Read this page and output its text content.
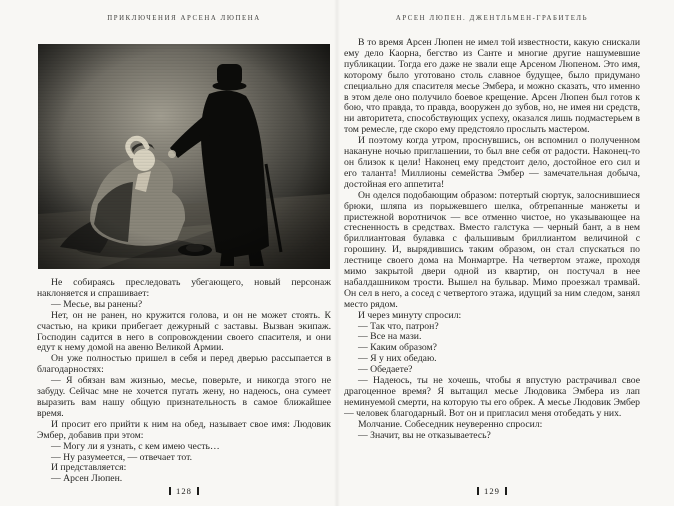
ПРИКЛЮЧЕНИЯ АРСЕНА ЛЮПЕНА

Не собираясь преследовать убегающего, новый персонаж наклоняется и спрашивает:

— Месье, вы ранены?

Нет, он не ранен, но кружится голова, и он не может стоять. К счастью, на крики прибегает дежурный с заставы. Вызван экипаж. Господин садится в него в сопровождении своего спасителя, и они едут к нему домой на авеню Великой Армии.

Он уже полностью пришел в себя и перед дверью рассыпается в благодарностях:

— Я обязан вам жизнью, месье, поверьте, и никогда этого не забуду. Сейчас мне не хочется пугать жену, но надеюсь, она сумеет выразить вам нашу общую признательность в самое ближайшее время.

И просит его прийти к ним на обед, называет свое имя: Людовик Эмбер, добавив при этом:

— Могу ли я узнать, с кем имею честь…

— Ну разумеется, — отвечает тот.

И представляется:

— Арсен Люпен.

128
АРСЕН ЛЮПЕН. ДЖЕНТЛЬМЕН-ГРАБИТЕЛЬ

В то время Арсен Люпен не имел той известности, какую снискали ему дело Каорна, бегство из Санте и многие другие нашумевшие публикации. Тогда его даже не звали еще Арсеном Люпеном. Это имя, которому было уготовано столь славное будущее, было придумано специально для спасителя месье Эмбера, и можно сказать, что именно в этом деле оно получило боевое крещение. Арсен Люпен был готов к бою, что правда, то правда, вооружен до зубов, но, не имея ни средств, ни авторитета, способствующих успеху, оказался лишь подмастерьем в том ремесле, где скоро ему предстояло прослыть мастером.

И поэтому когда утром, проснувшись, он вспомнил о полученном накануне ночью приглашении, то был вне себя от радости. Наконец-то он близок к цели! Наконец ему предстоит дело, достойное его сил и его таланта! Миллионы семейства Эмбер — замечательная добыча, достойная его аппетита!

Он оделся подобающим образом: потертый сюртук, залоснившиеся брюки, шляпа из порыжевшего шелка, обтрепанные манжеты и пристежной воротничок — все отменно чистое, но указывающее на стесненность в средствах. Вместо галстука — черный бант, а в нем бриллиантовая булавка с фальшивым бриллиантом величиной с горошину. И, вырядившись таким образом, он стал спускаться по лестнице своего дома на Монмартре. На четвертом этаже, проходя мимо закрытой двери одной из квартир, он постучал в нее набалдашником трости. Вышел на бульвар. Мимо проезжал трамвай. Он сел в него, а сосед с четвертого этажа, идущий за ним следом, занял место рядом.

И через минуту спросил:

— Так что, патрон?

— Все на мази.

— Каким образом?

— Я у них обедаю.

— Обедаете?

— Надеюсь, ты не хочешь, чтобы я впустую растрачивал свое драгоценное время? Я вытащил месье Людовика Эмбера из лап неминуемой смерти, на которую ты его обрек. А месье Людовик Эмбер — человек благодарный. Вот он и пригласил меня отобедать у них.

Молчание. Собеседник неуверенно спросил:

— Значит, вы не отказываетесь?

129
